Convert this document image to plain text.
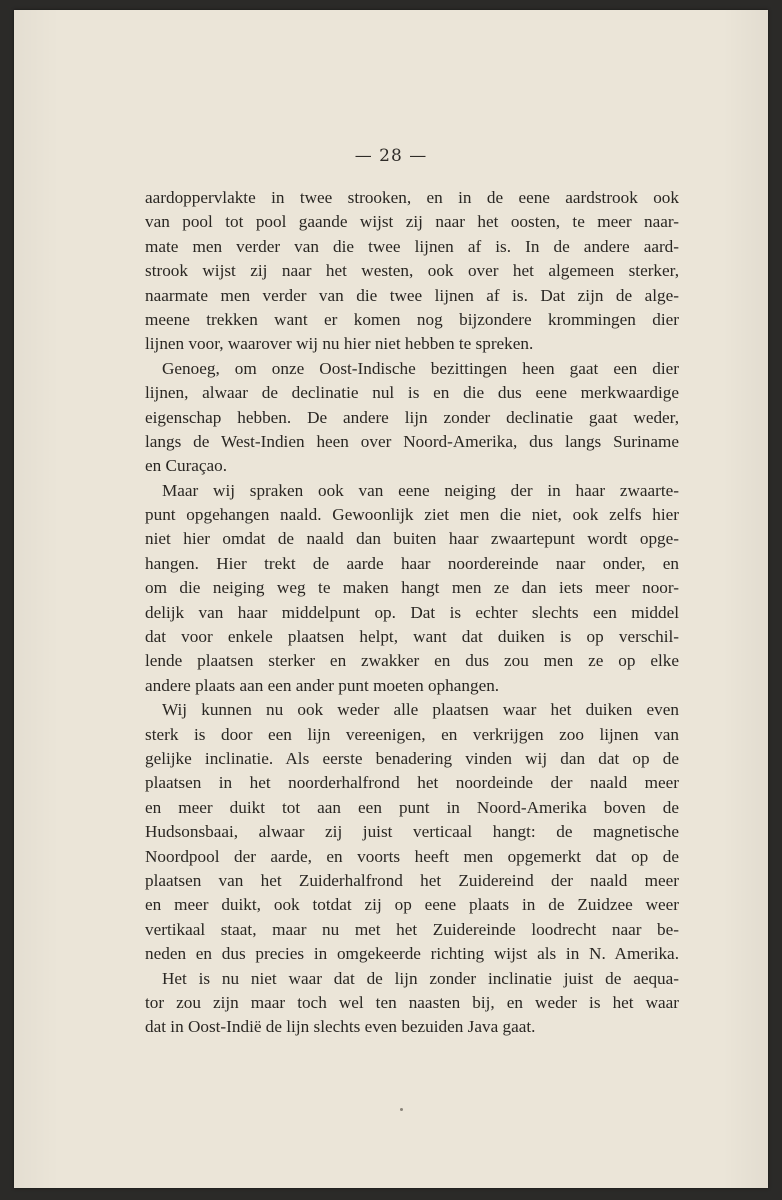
— 28 —
aardoppervlakte in twee strooken, en in de eene aardstrook ook
van pool tot pool gaande wijst zij naar het oosten, te meer naar-
mate men verder van die twee lijnen af is. In de andere aard-
strook wijst zij naar het westen, ook over het algemeen sterker,
naarmate men verder van die twee lijnen af is. Dat zijn de alge-
meene trekken want er komen nog bijzondere krommingen dier
lijnen voor, waarover wij nu hier niet hebben te spreken.
Genoeg, om onze Oost-Indische bezittingen heen gaat een dier
lijnen, alwaar de declinatie nul is en die dus eene merkwaardige
eigenschap hebben. De andere lijn zonder declinatie gaat weder,
langs de West-Indien heen over Noord-Amerika, dus langs Suriname
en Curaçao.
Maar wij spraken ook van eene neiging der in haar zwaarte-
punt opgehangen naald. Gewoonlijk ziet men die niet, ook zelfs hier
niet hier omdat de naald dan buiten haar zwaartepunt wordt opge-
hangen. Hier trekt de aarde haar noordereinde naar onder, en
om die neiging weg te maken hangt men ze dan iets meer noor-
delijk van haar middelpunt op. Dat is echter slechts een middel
dat voor enkele plaatsen helpt, want dat duiken is op verschil-
lende plaatsen sterker en zwakker en dus zou men ze op elke
andere plaats aan een ander punt moeten ophangen.
Wij kunnen nu ook weder alle plaatsen waar het duiken even
sterk is door een lijn vereenigen, en verkrijgen zoo lijnen van
gelijke inclinatie. Als eerste benadering vinden wij dan dat op de
plaatsen in het noorderhalfrond het noordeinde der naald meer
en meer duikt tot aan een punt in Noord-Amerika boven de
Hudsonsbaai, alwaar zij juist verticaal hangt: de magnetische
Noordpool der aarde, en voorts heeft men opgemerkt dat op de
plaatsen van het Zuiderhalfrond het Zuidereind der naald meer
en meer duikt, ook totdat zij op eene plaats in de Zuidzee weer
vertikaal staat, maar nu met het Zuidereinde loodrecht naar be-
neden en dus precies in omgekeerde richting wijst als in N. Amerika.
Het is nu niet waar dat de lijn zonder inclinatie juist de aequa-
tor zou zijn maar toch wel ten naasten bij, en weder is het waar
dat in Oost-Indië de lijn slechts even bezuiden Java gaat.
